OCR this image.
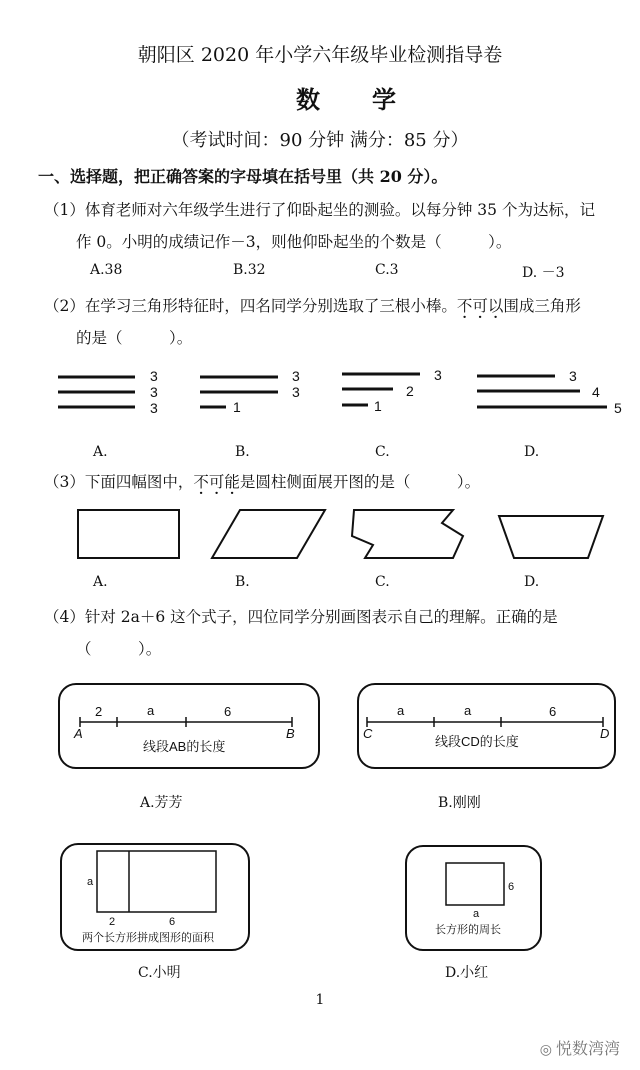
朝阳区 2020 年小学六年级毕业检测指导卷
数学
（考试时间：90 分钟 满分：85 分）
一、选择题，把正确答案的字母填在括号里（共 20 分）。
（1）体育老师对六年级学生进行了仰卧起坐的测验。以每分钟 35 个为达标，记
作 0。小明的成绩记作－3，则他仰卧起坐的个数是（　　　）。
A.38	B.32	C.3	D. －3
（2）在学习三角形特征时，四名同学分别选取了三根小棒。不可以围成三角形
的是（　　　）。
3
3
3
3
3
1
3
2
1
3
4
5
A.	B.	C.	D.
（3）下面四幅图中，不可能是圆柱侧面展开图的是（　　　）。
A.	B.	C.	D.
（4）针对 2a＋6 这个式子，四位同学分别画图表示自己的理解。正确的是
（　　　）。
2	a	6
A	B
线段AB的长度
A.芳芳
a	a	6
C	D
线段CD的长度
B.刚刚
a
2	6
两个长方形拼成图形的面积
C.小明
6
a
长方形的周长
D.小红
1
◎ 悦数湾湾
